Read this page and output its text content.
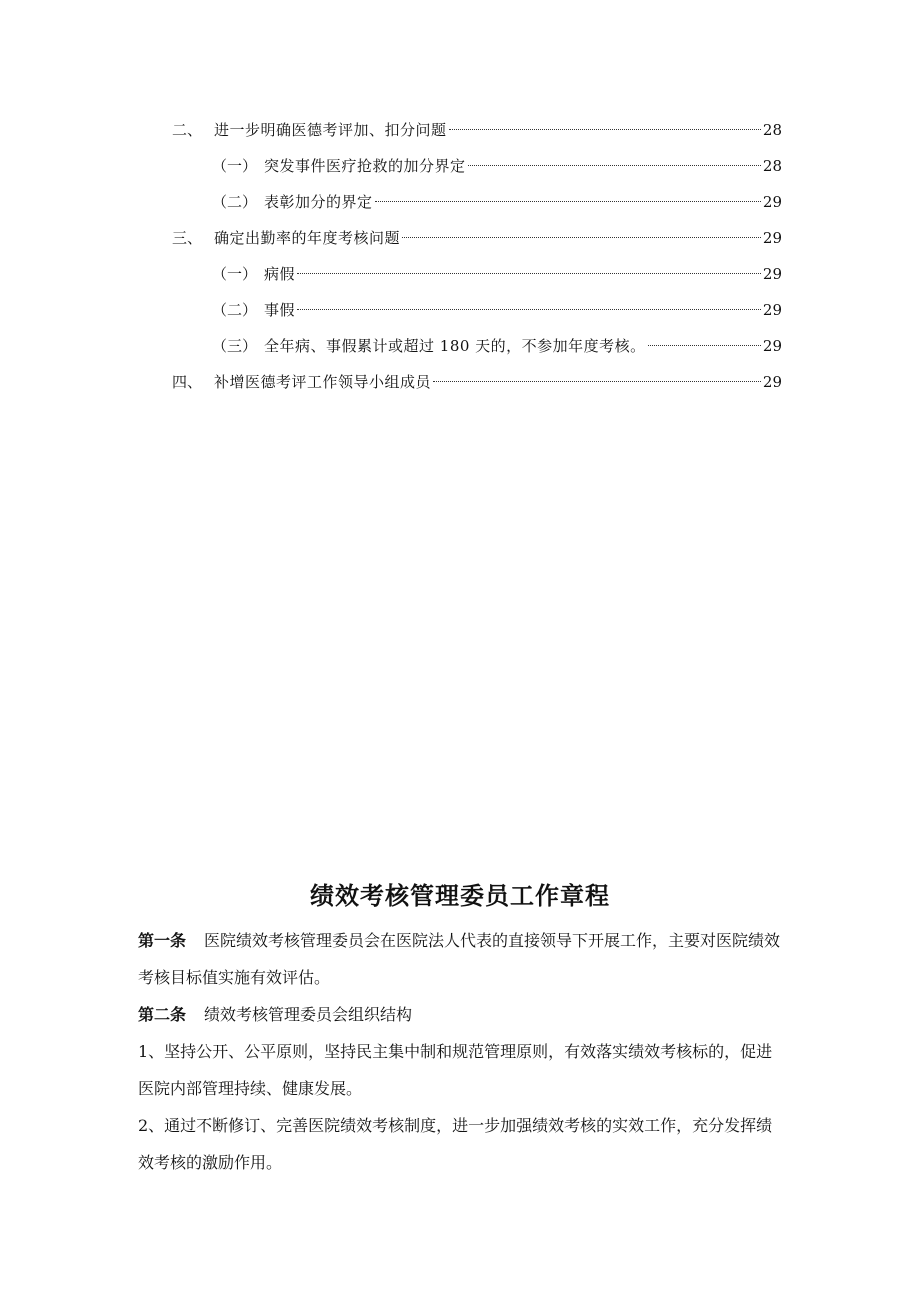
二、 进一步明确医德考评加、扣分问题	28
（一） 突发事件医疗抢救的加分界定	28
（二） 表彰加分的界定	29
三、 确定出勤率的年度考核问题	29
（一） 病假	29
（二） 事假	29
（三） 全年病、事假累计或超过 180 天的，不参加年度考核。	29
四、 补增医德考评工作领导小组成员	29
绩效考核管理委员工作章程

第一条 医院绩效考核管理委员会在医院法人代表的直接领导下开展工作，主要对医院绩效考核目标值实施有效评估。

第二条 绩效考核管理委员会组织结构

1、坚持公开、公平原则，坚持民主集中制和规范管理原则，有效落实绩效考核标的，促进医院内部管理持续、健康发展。

2、通过不断修订、完善医院绩效考核制度，进一步加强绩效考核的实效工作，充分发挥绩效考核的激励作用。
